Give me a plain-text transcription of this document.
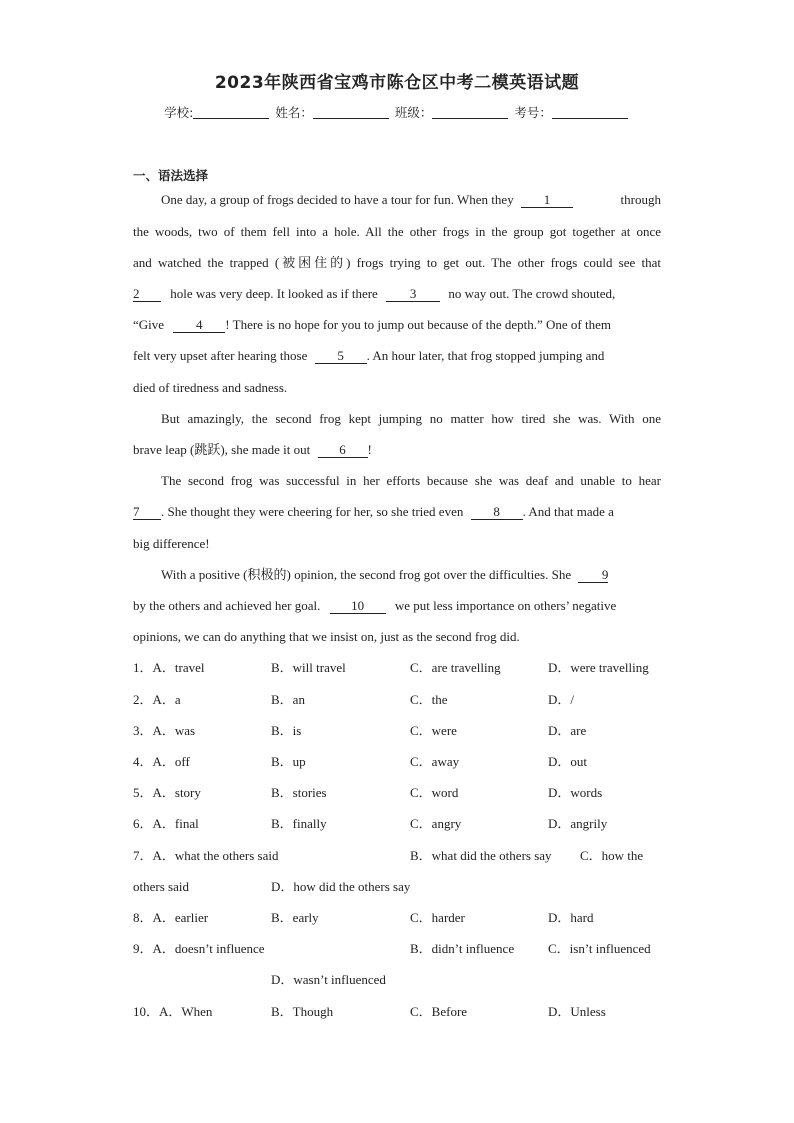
2023年陕西省宝鸡市陈仓区中考二模英语试题
学校:	姓名：	班级：	考号：
一、语法选择
One day, a group of frogs decided to have a tour for fun. When they 1	through
the woods, two of them fell into a hole. All the other frogs in the group got together at once
and watched the trapped (被困住的) frogs trying to get out. The other frogs could see that
2 hole was very deep. It looked as if there 3 no way out. The crowd shouted,
“Give 4 ! There is no hope for you to jump out because of the depth.” One of them
felt very upset after hearing those 5 . An hour later, that frog stopped jumping and
died of tiredness and sadness.
But amazingly, the second frog kept jumping no matter how tired she was. With one
brave leap (跳跃), she made it out 6 !
The second frog was successful in her efforts because she was deaf and unable to hear
7 . She thought they were cheering for her, so she tried even 8 . And that made a
big difference!
With a positive (积极的) opinion, the second frog got over the difficulties. She 9
by the others and achieved her goal. 10 we put less importance on others’ negative
opinions, we can do anything that we insist on, just as the second frog did.
1．A．travel	B．will travel	C．are travelling	D．were travelling
2．A．a	B．an	C．the	D．/
3．A．was	B．is	C．were	D．are
4．A．off	B．up	C．away	D．out
5．A．story	B．stories	C．word	D．words
6．A．final	B．finally	C．angry	D．angrily
7．A．what the others said	B．what did the others say C．how the
others said	D．how did the others say
8．A．earlier	B．early	C．harder	D．hard
9．A．doesn’t influence	B．didn’t influence	C．isn’t influenced
D．wasn’t influenced
10．A．When	B．Though	C．Before	D．Unless
